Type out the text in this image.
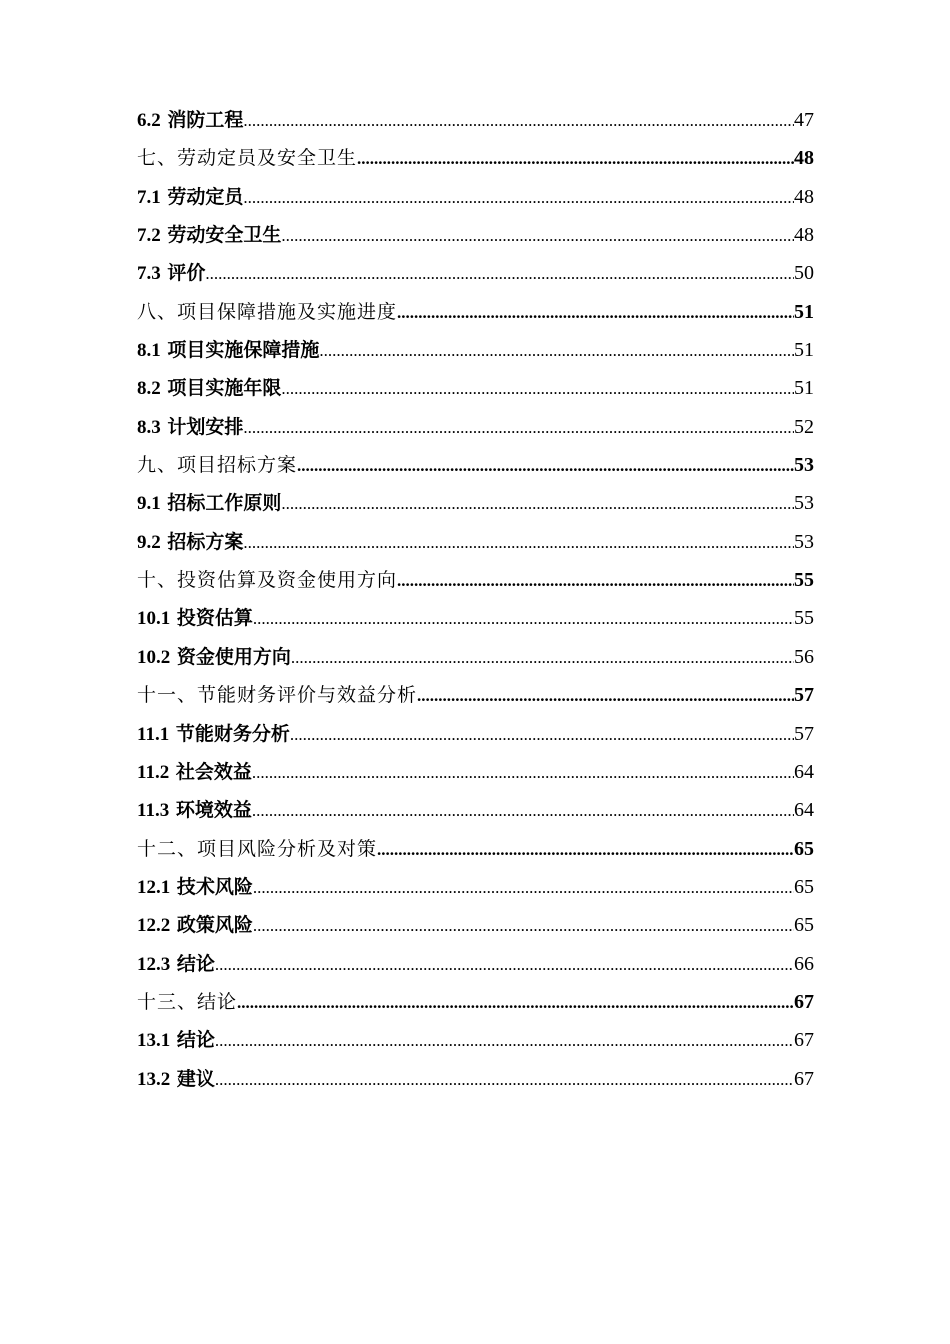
6.2 消防工程 .....	47
七、劳动定员及安全卫生 .....	48
7.1 劳动定员 .....	48
7.2 劳动安全卫生 .....	48
7.3 评价 .....	50
八、项目保障措施及实施进度 .....	51
8.1 项目实施保障措施 .....	51
8.2 项目实施年限 .....	51
8.3 计划安排 .....	52
九、项目招标方案 .....	53
9.1 招标工作原则 .....	53
9.2 招标方案 .....	53
十、投资估算及资金使用方向 .....	55
10.1 投资估算 .....	55
10.2 资金使用方向 .....	56
十一、节能财务评价与效益分析 .....	57
11.1 节能财务分析 .....	57
11.2 社会效益 .....	64
11.3 环境效益 .....	64
十二、项目风险分析及对策 .....	65
12.1 技术风险 .....	65
12.2 政策风险 .....	65
12.3 结论 .....	66
十三、结论 .....	67
13.1 结论 .....	67
13.2 建议 .....	67
